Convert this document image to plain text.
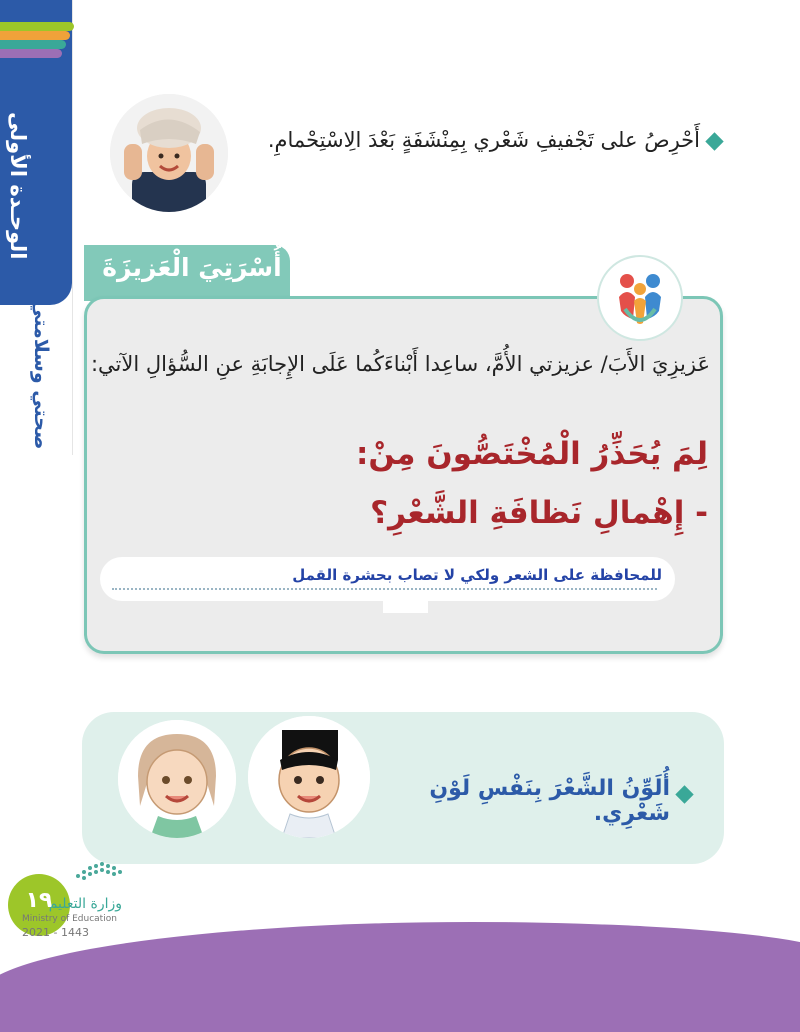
الوحـدة الأولى
صحتي وسلامتي
أَحْرِصُ على تَجْفيفِ شَعْري بِمِنْشَفَةٍ بَعْدَ الِاسْتِحْمامِ.
أُسْرَتِيَ الْعَزيزَةَ
عَزيزِيَ الأَبَ/ عزيزتي الأُمَّ، ساعِدا أَبْناءَكُما عَلَى الإِجابَةِ عنِ السُّؤالِ الآتي:
لِمَ يُحَذِّرُ الْمُخْتَصُّونَ مِنْ:
- إِهْمالِ نَظافَةِ الشَّعْرِ؟
للمحافظة على الشعر ولكي لا تصاب بحشرة القمل
أُلَوِّنُ الشَّعْرَ بِنَفْسِ لَوْنِ شَعْرِي.
١٩
وزارة التعليم
Ministry of Education
2021 - 1443
